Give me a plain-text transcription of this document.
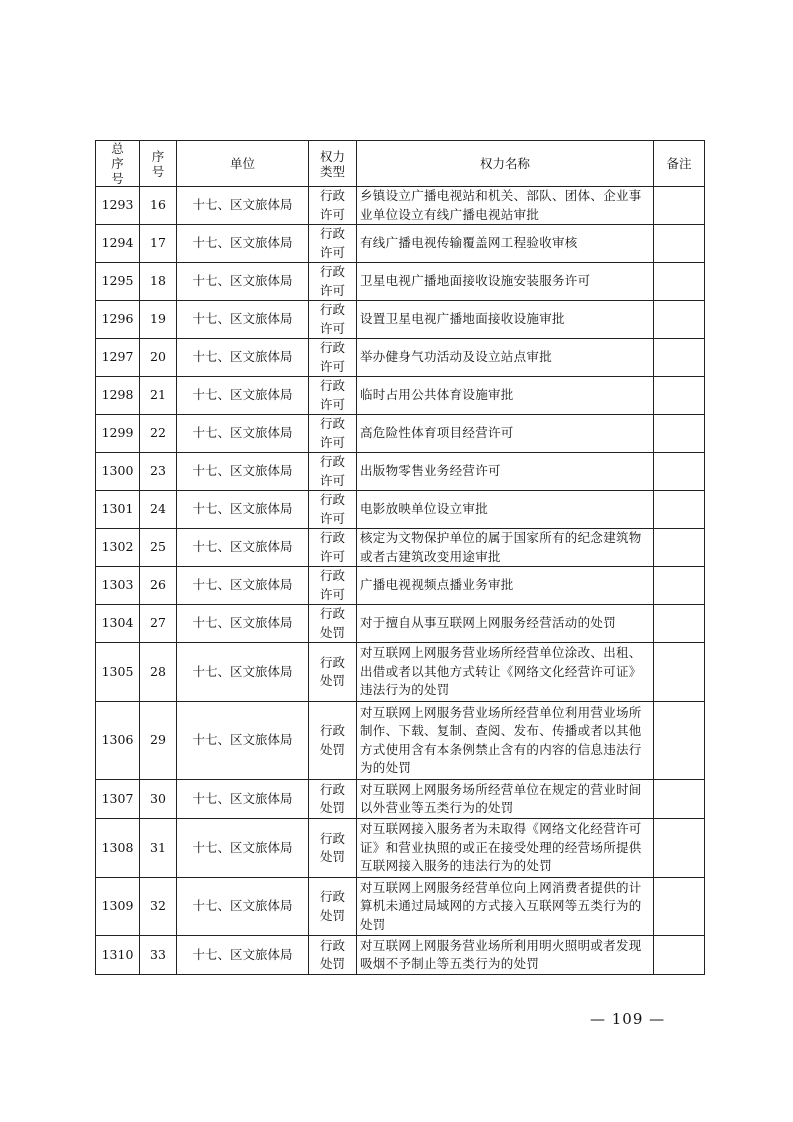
总序号	序号	单位	权力类型	权力名称	备注
1293	16	十七、区文旅体局	行政许可	乡镇设立广播电视站和机关、部队、团体、企业事业单位设立有线广播电视站审批	
1294	17	十七、区文旅体局	行政许可	有线广播电视传输覆盖网工程验收审核	
1295	18	十七、区文旅体局	行政许可	卫星电视广播地面接收设施安装服务许可	
1296	19	十七、区文旅体局	行政许可	设置卫星电视广播地面接收设施审批	
1297	20	十七、区文旅体局	行政许可	举办健身气功活动及设立站点审批	
1298	21	十七、区文旅体局	行政许可	临时占用公共体育设施审批	
1299	22	十七、区文旅体局	行政许可	高危险性体育项目经营许可	
1300	23	十七、区文旅体局	行政许可	出版物零售业务经营许可	
1301	24	十七、区文旅体局	行政许可	电影放映单位设立审批	
1302	25	十七、区文旅体局	行政许可	核定为文物保护单位的属于国家所有的纪念建筑物或者古建筑改变用途审批	
1303	26	十七、区文旅体局	行政许可	广播电视视频点播业务审批	
1304	27	十七、区文旅体局	行政处罚	对于擅自从事互联网上网服务经营活动的处罚	
1305	28	十七、区文旅体局	行政处罚	对互联网上网服务营业场所经营单位涂改、出租、出借或者以其他方式转让《网络文化经营许可证》违法行为的处罚	
1306	29	十七、区文旅体局	行政处罚	对互联网上网服务营业场所经营单位利用营业场所制作、下载、复制、查阅、发布、传播或者以其他方式使用含有本条例禁止含有的内容的信息违法行为的处罚	
1307	30	十七、区文旅体局	行政处罚	对互联网上网服务场所经营单位在规定的营业时间以外营业等五类行为的处罚	
1308	31	十七、区文旅体局	行政处罚	对互联网接入服务者为未取得《网络文化经营许可证》和营业执照的或正在接受处理的经营场所提供互联网接入服务的违法行为的处罚	
1309	32	十七、区文旅体局	行政处罚	对互联网上网服务经营单位向上网消费者提供的计算机未通过局域网的方式接入互联网等五类行为的处罚	
1310	33	十七、区文旅体局	行政处罚	对互联网上网服务营业场所利用明火照明或者发现吸烟不予制止等五类行为的处罚	
— 109 —
